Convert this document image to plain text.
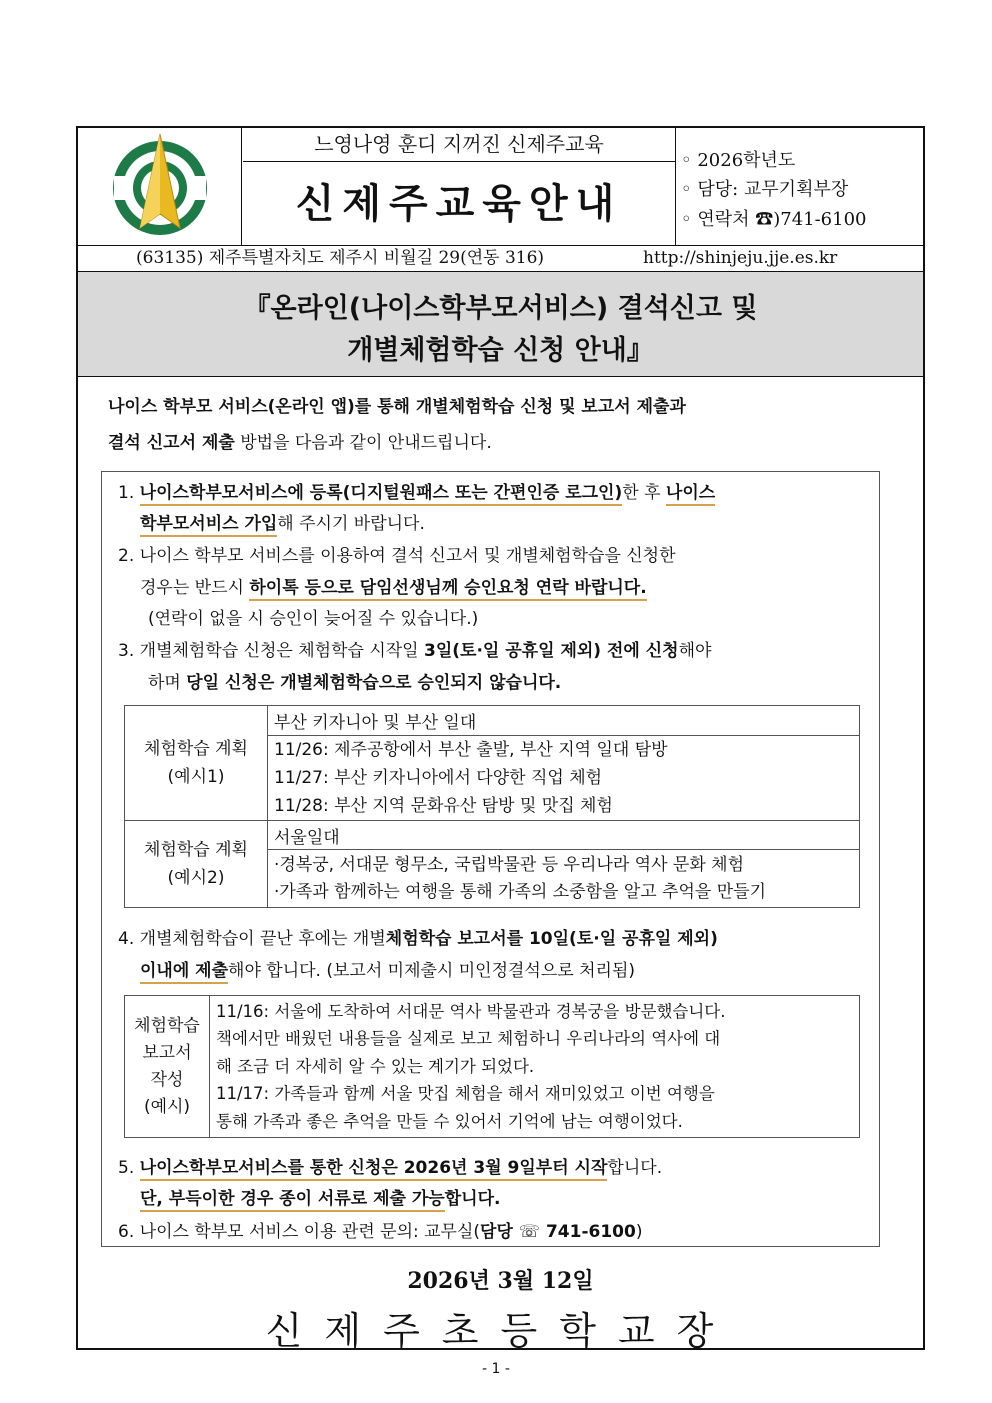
느영나영 훈디 지꺼진 신제주교육
신제주교육안내
◦ 2026학년도
◦ 담당: 교무기획부장
◦ 연락처 ☎)741-6100
(63135) 제주특별자치도 제주시 비월길 29(연동 316)	http://shinjeju.jje.es.kr
『온라인(나이스학부모서비스) 결석신고 및
개별체험학습 신청 안내』
나이스 학부모 서비스(온라인 앱)를 통해 개별체험학습 신청 및 보고서 제출과
결석 신고서 제출 방법을 다음과 같이 안내드립니다.
1. 나이스학부모서비스에 등록(디지털원패스 또는 간편인증 로그인)한 후 나이스
학부모서비스 가입해 주시기 바랍니다.
2. 나이스 학부모 서비스를 이용하여 결석 신고서 및 개별체험학습을 신청한
경우는 반드시 하이톡 등으로 담임선생님께 승인요청 연락 바랍니다.
(연락이 없을 시 승인이 늦어질 수 있습니다.)
3. 개별체험학습 신청은 체험학습 시작일 3일(토·일 공휴일 제외) 전에 신청해야
하며 당일 신청은 개별체험학습으로 승인되지 않습니다.
체험학습 계획
(예시1)	부산 키자니아 및 부산 일대
	11/26: 제주공항에서 부산 출발, 부산 지역 일대 탐방
11/27: 부산 키자니아에서 다양한 직업 체험
11/28: 부산 지역 문화유산 탐방 및 맛집 체험
체험학습 계획
(예시2)	서울일대
	·경복궁, 서대문 형무소, 국립박물관 등 우리나라 역사 문화 체험
·가족과 함께하는 여행을 통해 가족의 소중함을 알고 추억을 만들기
4. 개별체험학습이 끝난 후에는 개별체험학습 보고서를 10일(토·일 공휴일 제외)
이내에 제출해야 합니다. (보고서 미제출시 미인정결석으로 처리됨)
체험학습
보고서
작성
(예시)	11/16: 서울에 도착하여 서대문 역사 박물관과 경복궁을 방문했습니다.
책에서만 배웠던 내용들을 실제로 보고 체험하니 우리나라의 역사에 대
해 조금 더 자세히 알 수 있는 계기가 되었다.
11/17: 가족들과 함께 서울 맛집 체험을 해서 재미있었고 이번 여행을
통해 가족과 좋은 추억을 만들 수 있어서 기억에 남는 여행이었다.
5. 나이스학부모서비스를 통한 신청은 2026년 3월 9일부터 시작합니다.
단, 부득이한 경우 종이 서류로 제출 가능합니다.
6. 나이스 학부모 서비스 이용 관련 문의: 교무실(담당 ☏ 741-6100)
2026년 3월 12일
신제주초등학교장
- 1 -
